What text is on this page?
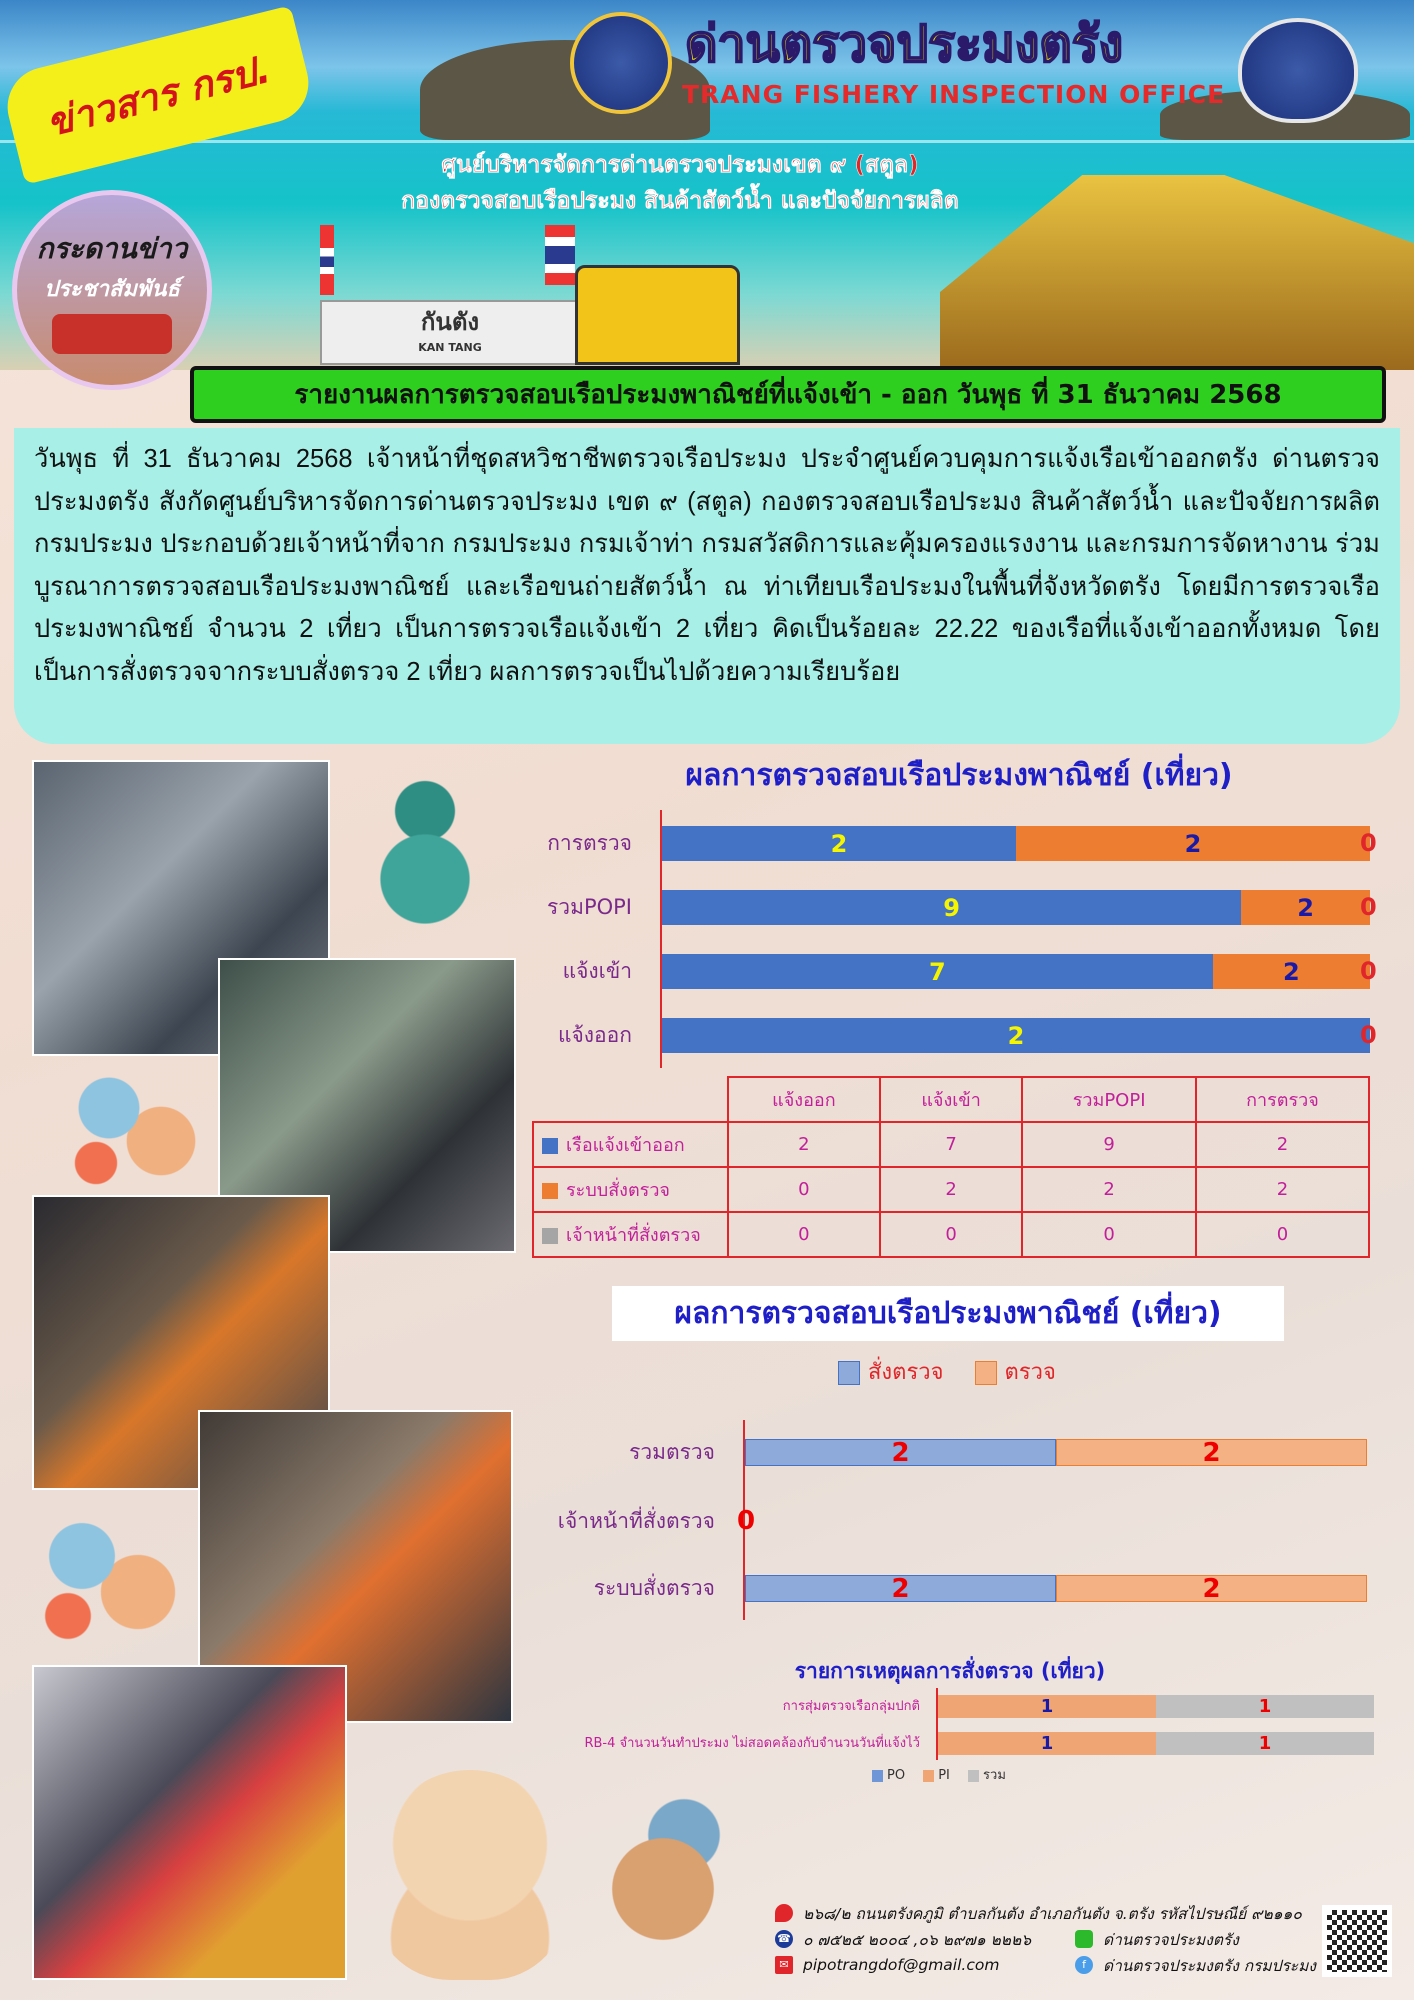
กันตัง
KAN TANG
ข่าวสาร กรป.
ด่านตรวจประมงตรัง
TRANG FISHERY INSPECTION OFFICE
ศูนย์บริหารจัดการด่านตรวจประมงเขต ๙ (สตูล)
กองตรวจสอบเรือประมง สินค้าสัตว์น้ำ และปัจจัยการผลิต
กระดานข่าว
ประชาสัมพันธ์
รายงานผลการตรวจสอบเรือประมงพาณิชย์ที่แจ้งเข้า - ออก วันพุธ ที่ 31 ธันวาคม 2568

วันพุธ ที่ 31 ธันวาคม 2568 เจ้าหน้าที่ชุดสหวิชาชีพตรวจเรือประมง ประจำศูนย์ควบคุมการแจ้งเรือเข้าออกตรัง ด่านตรวจประมงตรัง สังกัดศูนย์บริหารจัดการด่านตรวจประมง เขต ๙ (สตูล) กองตรวจสอบเรือประมง สินค้าสัตว์น้ำ และปัจจัยการผลิต กรมประมง ประกอบด้วยเจ้าหน้าที่จาก กรมประมง กรมเจ้าท่า กรมสวัสดิการและคุ้มครองแรงงาน และกรมการจัดหางาน ร่วมบูรณาการตรวจสอบเรือประมงพาณิชย์ และเรือขนถ่ายสัตว์น้ำ ณ ท่าเทียบเรือประมงในพื้นที่จังหวัดตรัง โดยมีการตรวจเรือประมงพาณิชย์ จำนวน 2 เที่ยว เป็นการตรวจเรือแจ้งเข้า 2 เที่ยว คิดเป็นร้อยละ 22.22 ของเรือที่แจ้งเข้าออกทั้งหมด โดยเป็นการสั่งตรวจจากระบบสั่งตรวจ 2 เที่ยว ผลการตรวจเป็นไปด้วยความเรียบร้อย

ผลการตรวจสอบเรือประมงพาณิชย์ (เที่ยว)
การตรวจ	2	2	0
รวมPOPI	9	2 0
แจ้งเข้า	7	2	0
แจ้งออก	2	0
	แจ้งออก	แจ้งเข้า	รวมPOPI	การตรวจ
เรือแจ้งเข้าออก	2	7	9	2
ระบบสั่งตรวจ	0	2	2	2
เจ้าหน้าที่สั่งตรวจ	0	0	0	0
ผลการตรวจสอบเรือประมงพาณิชย์ (เที่ยว)
สั่งตรวจ	ตรวจ
รวมตรวจ	2	2
เจ้าหน้าที่สั่งตรวจ
ระบบสั่งตรวจ	2	2
0
รายการเหตุผลการสั่งตรวจ (เที่ยว)
การสุ่มตรวจเรือกลุ่มปกติ	1	1
RB-4 จำนวนวันทำประมง ไม่สอดคล้องกับจำนวนวันที่แจ้งไว้	1	1
PO	PI	รวม
๒๖๘/๒ ถนนตรังคภูมิ ตำบลกันตัง อำเภอกันตัง จ.ตรัง รหัสไปรษณีย์ ๙๒๑๑๐
☎ ๐ ๗๕๒๕ ๒๐๐๔ ,๐๖ ๒๙๗๑ ๒๒๒๖	ด่านตรวจประมงตรัง
✉ pipotrangdof@gmail.com	f	ด่านตรวจประมงตรัง กรมประมง
